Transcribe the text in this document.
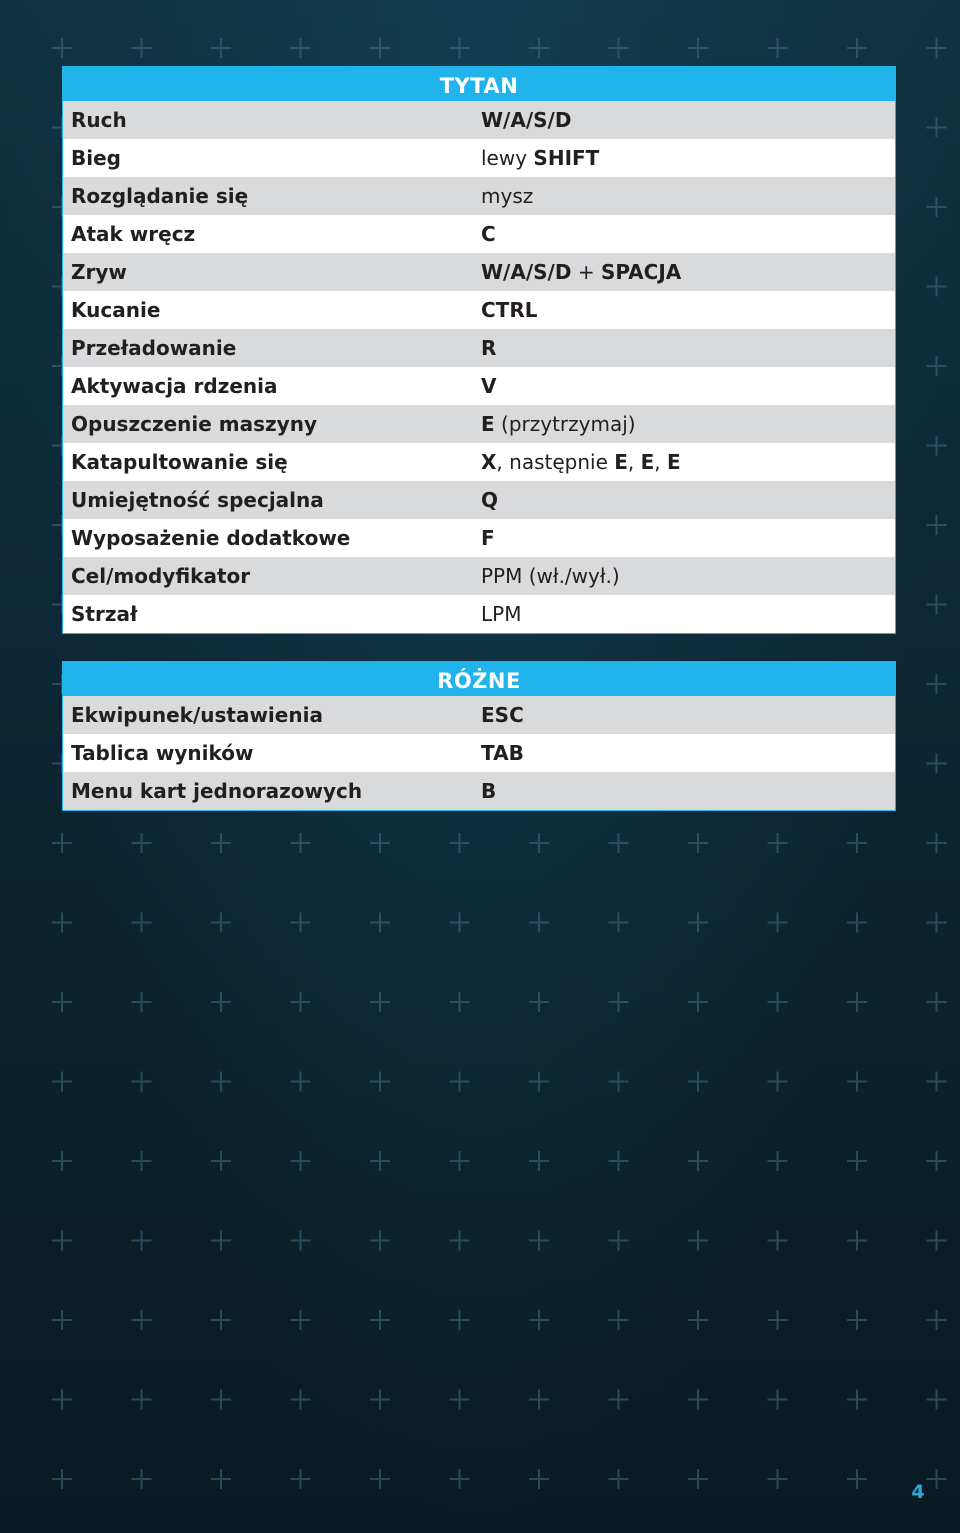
TYTAN
Ruch	W/A/S/D
Bieg	lewy SHIFT
Rozglądanie się	mysz
Atak wręcz	C
Zryw	W/A/S/D + SPACJA
Kucanie	CTRL
Przeładowanie	R
Aktywacja rdzenia	V
Opuszczenie maszyny	E (przytrzymaj)
Katapultowanie się	X, następnie E, E, E
Umiejętność specjalna	Q
Wyposażenie dodatkowe	F
Cel/modyfikator	PPM (wł./wył.)
Strzał	LPM
RÓŻNE
Ekwipunek/ustawienia	ESC
Tablica wyników	TAB
Menu kart jednorazowych	B
4
